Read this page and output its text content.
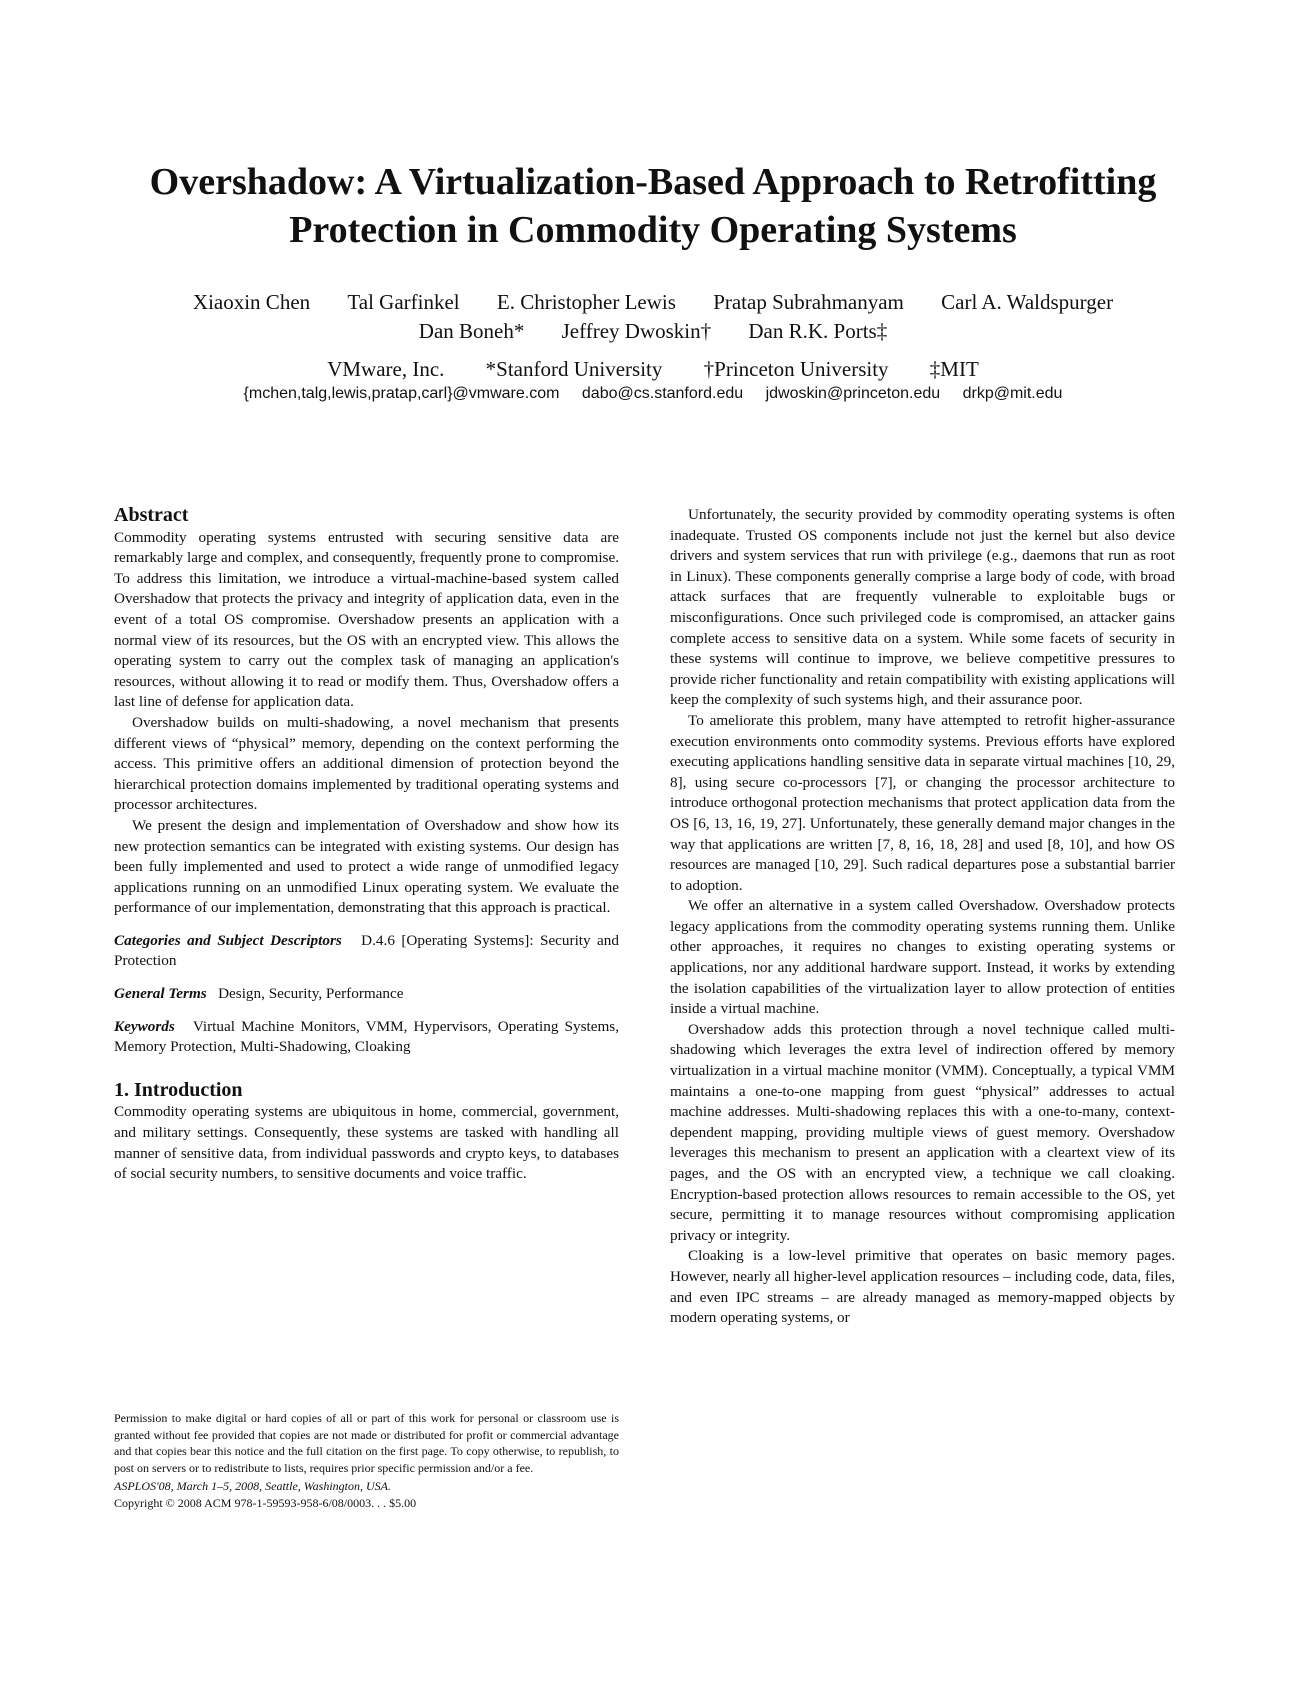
Overshadow: A Virtualization-Based Approach to Retrofitting
Protection in Commodity Operating Systems
Xiaoxin Chen Tal Garfinkel E. Christopher Lewis Pratap Subrahmanyam Carl A. Waldspurger
Dan Boneh* Jeffrey Dwoskin† Dan R.K. Ports‡
VMware, Inc. *Stanford University †Princeton University ‡MIT
{mchen,talg,lewis,pratap,carl}@vmware.com dabo@cs.stanford.edu jdwoskin@princeton.edu drkp@mit.edu
Abstract

Commodity operating systems entrusted with securing sensitive data are remarkably large and complex, and consequently, frequently prone to compromise. To address this limitation, we introduce a virtual-machine-based system called Overshadow that protects the privacy and integrity of application data, even in the event of a total OS compromise. Overshadow presents an application with a normal view of its resources, but the OS with an encrypted view. This allows the operating system to carry out the complex task of managing an application's resources, without allowing it to read or modify them. Thus, Overshadow offers a last line of defense for application data.

Overshadow builds on multi-shadowing, a novel mechanism that presents different views of “physical” memory, depending on the context performing the access. This primitive offers an additional dimension of protection beyond the hierarchical protection domains implemented by traditional operating systems and processor architectures.

We present the design and implementation of Overshadow and show how its new protection semantics can be integrated with existing systems. Our design has been fully implemented and used to protect a wide range of unmodified legacy applications running on an unmodified Linux operating system. We evaluate the performance of our implementation, demonstrating that this approach is practical.

Categories and Subject Descriptors D.4.6 [Operating Systems]: Security and Protection
General Terms Design, Security, Performance
Keywords Virtual Machine Monitors, VMM, Hypervisors, Operating Systems, Memory Protection, Multi-Shadowing, Cloaking
1. Introduction

Commodity operating systems are ubiquitous in home, commercial, government, and military settings. Consequently, these systems are tasked with handling all manner of sensitive data, from individual passwords and crypto keys, to databases of social security numbers, to sensitive documents and voice traffic.

Permission to make digital or hard copies of all or part of this work for personal or classroom use is granted without fee provided that copies are not made or distributed for profit or commercial advantage and that copies bear this notice and the full citation on the first page. To copy otherwise, to republish, to post on servers or to redistribute to lists, requires prior specific permission and/or a fee.
ASPLOS'08, March 1–5, 2008, Seattle, Washington, USA.
Copyright © 2008 ACM 978-1-59593-958-6/08/0003. . . $5.00

Unfortunately, the security provided by commodity operating systems is often inadequate. Trusted OS components include not just the kernel but also device drivers and system services that run with privilege (e.g., daemons that run as root in Linux). These components generally comprise a large body of code, with broad attack surfaces that are frequently vulnerable to exploitable bugs or misconfigurations. Once such privileged code is compromised, an attacker gains complete access to sensitive data on a system. While some facets of security in these systems will continue to improve, we believe competitive pressures to provide richer functionality and retain compatibility with existing applications will keep the complexity of such systems high, and their assurance poor.

To ameliorate this problem, many have attempted to retrofit higher-assurance execution environments onto commodity systems. Previous efforts have explored executing applications handling sensitive data in separate virtual machines [10, 29, 8], using secure co-processors [7], or changing the processor architecture to introduce orthogonal protection mechanisms that protect application data from the OS [6, 13, 16, 19, 27]. Unfortunately, these generally demand major changes in the way that applications are written [7, 8, 16, 18, 28] and used [8, 10], and how OS resources are managed [10, 29]. Such radical departures pose a substantial barrier to adoption.

We offer an alternative in a system called Overshadow. Overshadow protects legacy applications from the commodity operating systems running them. Unlike other approaches, it requires no changes to existing operating systems or applications, nor any additional hardware support. Instead, it works by extending the isolation capabilities of the virtualization layer to allow protection of entities inside a virtual machine.

Overshadow adds this protection through a novel technique called multi-shadowing which leverages the extra level of indirection offered by memory virtualization in a virtual machine monitor (VMM). Conceptually, a typical VMM maintains a one-to-one mapping from guest “physical” addresses to actual machine addresses. Multi-shadowing replaces this with a one-to-many, context-dependent mapping, providing multiple views of guest memory. Overshadow leverages this mechanism to present an application with a cleartext view of its pages, and the OS with an encrypted view, a technique we call cloaking. Encryption-based protection allows resources to remain accessible to the OS, yet secure, permitting it to manage resources without compromising application privacy or integrity.

Cloaking is a low-level primitive that operates on basic memory pages. However, nearly all higher-level application resources – including code, data, files, and even IPC streams – are already managed as memory-mapped objects by modern operating systems, or
